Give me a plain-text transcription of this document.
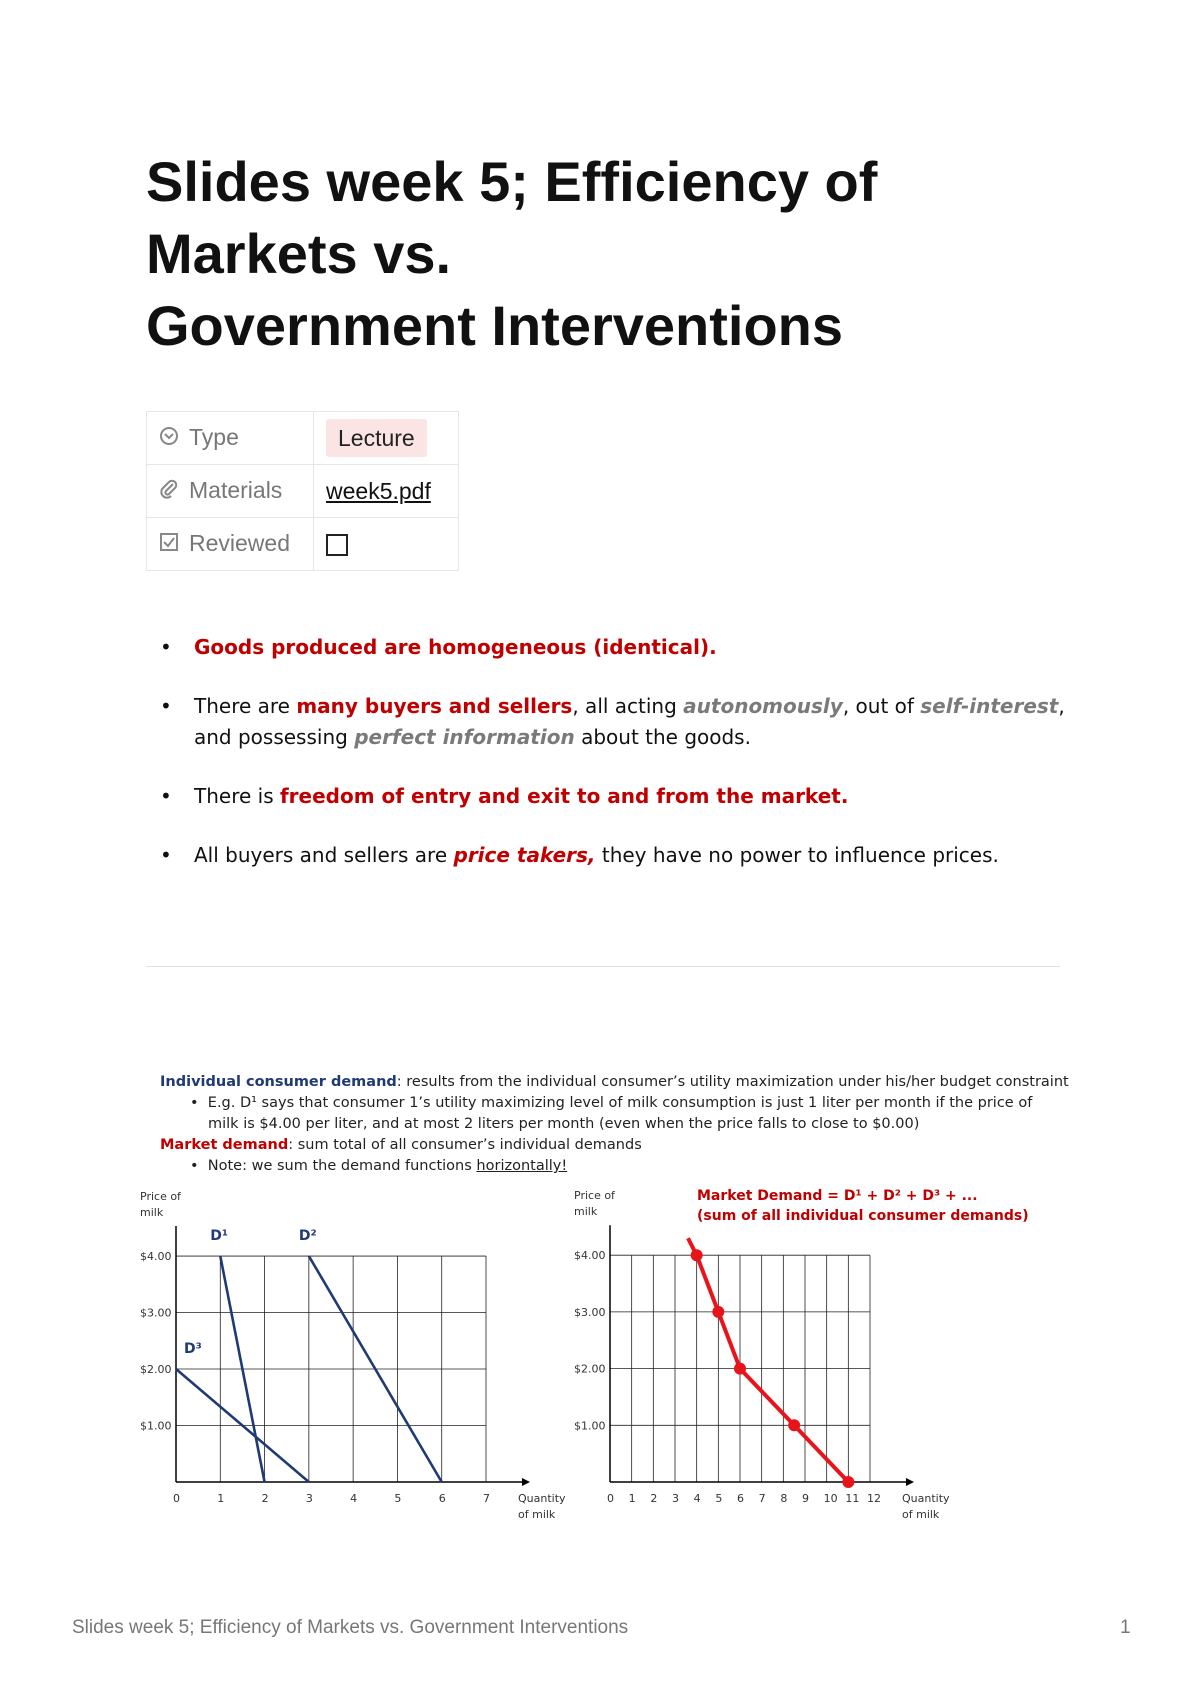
Slides week 5; Efficiency of
Markets vs.
Government Interventions
Type	Lecture
Materials	week5.pdf
Reviewed	
• Goods produced are homogeneous (identical).
• There are many buyers and sellers, all acting autonomously, out of self-interest, and possessing perfect information about the goods.
• There is freedom of entry and exit to and from the market.
• All buyers and sellers are price takers, they have no power to influence prices.
Individual consumer demand: results from the individual consumer’s utility maximization under his/her budget constraint
• E.g. D¹ says that consumer 1’s utility maximizing level of milk consumption is just 1 liter per month if the price of
milk is $4.00 per liter, and at most 2 liters per month (even when the price falls to close to $0.00)
Market demand: sum total of all consumer’s individual demands
• Note: we sum the demand functions horizontally!
Market Demand = D¹ + D² + D³ + ...
(sum of all individual consumer demands)
$1.00
$2.00
$3.00
$4.00
0	1	2	3	4	5	6	7
Price of
milk
Quantity
of milk
D¹	D²
D³
$1.00
$2.00
$3.00
$4.00
0 1 2 3 4 5 6 7 8 9 10 11 12
Price of
milk
Quantity
of milk
Slides week 5; Efficiency of Markets vs. Government Interventions	1
